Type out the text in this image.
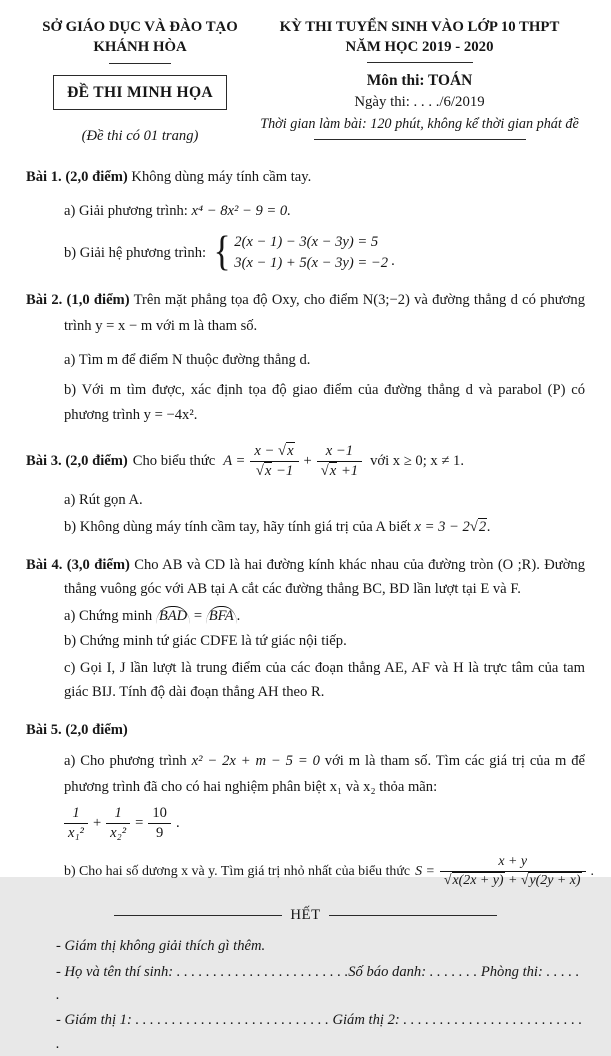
SỞ GIÁO DỤC VÀ ĐÀO TẠO
KHÁNH HÒA
ĐỀ THI MINH HỌA
(Đề thi có 01 trang)
KỲ THI TUYỂN SINH VÀO LỚP 10 THPT
NĂM HỌC 2019 - 2020
Môn thi: TOÁN
Ngày thi: . . . ./6/2019
Thời gian làm bài: 120 phút, không kể thời gian phát đề

Bài 1. (2,0 điểm) Không dùng máy tính cầm tay.

a) Giải phương trình: x⁴ − 8x² − 9 = 0.

b) Giải hệ phương trình: { 2(x − 1) − 3(x − 3y) = 5
3(x − 1) + 5(x − 3y) = −2 .

Bài 2. (1,0 điểm) Trên mặt phẳng tọa độ Oxy, cho điểm N(3;−2) và đường thẳng d có phương trình y = x − m với m là tham số.

a) Tìm m để điểm N thuộc đường thẳng d.

b) Với m tìm được, xác định tọa độ giao điểm của đường thẳng d và parabol (P) có phương trình y = −4x².

Bài 3. (2,0 điểm) Cho biểu thức $A = \frac{x - √x}{√x -1} + \frac{x -1}{√x +1}$ với x ≥ 0; x ≠ 1.

a) Rút gọn A.

b) Không dùng máy tính cầm tay, hãy tính giá trị của A biết x = 3 − 2√2.

Bài 4. (3,0 điểm) Cho AB và CD là hai đường kính khác nhau của đường tròn (O ;R). Đường thẳng vuông góc với AB tại A cắt các đường thẳng BC, BD lần lượt tại E và F.

a) Chứng minh BAD = BFA .

b) Chứng minh tứ giác CDFE là tứ giác nội tiếp.

c) Gọi I, J lần lượt là trung điểm của các đoạn thẳng AE, AF và H là trực tâm của tam giác BIJ. Tính độ dài đoạn thẳng AH theo R.

Bài 5. (2,0 điểm)

a) Cho phương trình x² − 2x + m − 5 = 0 với m là tham số. Tìm các giá trị của m để phương trình đã cho có hai nghiệm phân biệt x₁ và x₂ thỏa mãn:

$\frac{1}{\text{x₁²}} + \frac{1}{\text{x₂²}} = \frac{10}{9}$ .
b) Cho hai số dương x và y. Tìm giá trị nhỏ nhất của biểu thức $S = \frac{x + y}{√x(2x + y) + √y(2y + x)}$ .
HẾT

- Giám thị không giải thích gì thêm.

- Họ và tên thí sinh: . . . . . . . . . . . . . . . . . . . . . . . .Số báo danh: . . . . . . . Phòng thi: . . . . . .

- Giám thị 1: . . . . . . . . . . . . . . . . . . . . . . . . . . . Giám thị 2: . . . . . . . . . . . . . . . . . . . . . . . . . .
